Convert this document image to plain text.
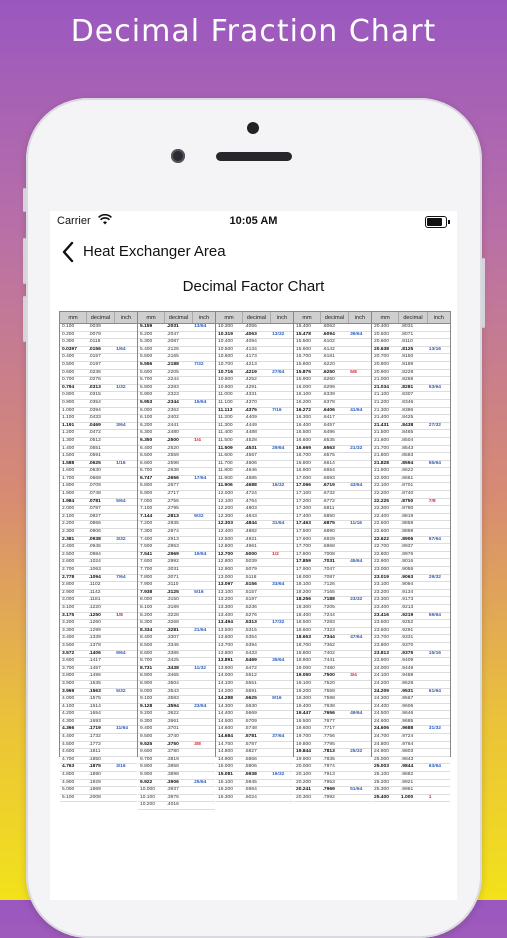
Decimal Fraction Chart
Carrier	10:05 AM
Heat Exchanger Area
Decimal Factor Chart
mm	decimal	inch
0.100	.0039
0.200	.0079
0.300	.0118
0.0397	.0156	1/64
0.400	.0157
0.500	.0197
0.600	.0236
0.700	.0276
0.794	.0313	1/32
0.800	.0315
0.900	.0354
1.000	.0394
1.100	.0433
1.191	.0469	3/64
1.200	.0472
1.300	.0512
1.400	.0551
1.500	.0591
1.588	.0625	1/16
1.600	.0630
1.700	.0669
1.800	.0709
1.900	.0748
1.984	.0781	5/64
2.000	.0787
2.100	.0827
2.200	.0866
2.300	.0906
2.381	.0938	3/32
2.400	.0945
2.500	.0984
2.600	.1024
2.700	.1063
2.778	.1094	7/64
2.800	.1102
2.900	.1142
3.000	.1181
3.100	.1220
3.175	.1250	1/8
3.200	.1260
3.300	.1299
3.400	.1339
3.500	.1378
3.572	.1406	9/64
3.600	.1417
3.700	.1457
3.800	.1496
3.900	.1535
3.969	.1563	5/32
4.000	.1575
4.100	.1614
4.200	.1654
4.300	.1693
4.366	.1719	11/64
4.400	.1732
4.500	.1772
4.600	.1811
4.700	.1850
4.763	.1875	3/16
4.800	.1890
4.900	.1929
5.000	.1969
5.100	.2008
mm	decimal	inch
5.159	.2031	13/64
5.200	.2047
5.300	.2087
5.400	.2126
5.500	.2165
5.556	.2188	7/32
5.600	.2205
5.700	.2244
5.800	.2283
5.900	.2323
5.953	.2344	15/64
6.000	.2362
6.100	.2402
6.200	.2441
6.300	.2480
6.350	.2500	1/4
6.400	.2520
6.500	.2559
6.600	.2598
6.700	.2638
6.747	.2656	17/64
6.800	.2677
6.900	.2717
7.000	.2756
7.100	.2795
7.144	.2813	9/32
7.200	.2835
7.300	.2874
7.400	.2913
7.500	.2953
7.541	.2969	19/64
7.600	.2992
7.700	.3031
7.800	.3071
7.900	.3110
7.938	.3125	5/16
8.000	.3150
8.100	.3189
8.200	.3228
8.300	.3268
8.334	.3281	21/64
8.400	.3307
8.500	.3346
8.600	.3386
8.700	.3425
8.731	.3438	11/32
8.800	.3465
8.900	.3504
9.000	.3543
9.100	.3583
9.128	.3594	23/64
9.200	.3622
9.300	.3661
9.400	.3701
9.500	.3740
9.525	.3750	3/8
9.600	.3780
9.700	.3819
9.800	.3858
9.900	.3898
9.922	.3906	25/64
10.000	.3937
10.100	.3976
10.200	.4016
mm	decimal	inch
10.300	.4055
10.319	.4063	13/32
10.400	.4094
10.500	.4134
10.600	.4173
10.700	.4213
10.716	.4219	27/64
10.800	.4252
10.900	.4291
11.000	.4331
11.100	.4370
11.113	.4375	7/16
11.200	.4409
11.300	.4449
11.400	.4488
11.500	.4528
11.509	.4531	29/64
11.600	.4567
11.700	.4606
11.800	.4646
11.900	.4685
11.906	.4688	15/32
12.000	.4724
12.100	.4764
12.200	.4803
12.300	.4843
12.303	.4844	31/64
12.400	.4882
12.500	.4921
12.600	.4961
12.700	.5000	1/2
12.800	.5039
12.900	.5079
13.000	.5118
13.097	.5156	33/64
13.100	.5157
13.200	.5197
13.300	.5236
13.400	.5276
13.494	.5313	17/32
13.500	.5315
13.600	.5354
13.700	.5394
13.800	.5433
13.891	.5469	35/64
13.900	.5472
14.000	.5512
14.100	.5551
14.200	.5591
14.288	.5625	9/16
14.300	.5630
14.400	.5669
14.500	.5709
14.600	.5748
14.684	.5781	37/64
14.700	.5787
14.800	.5827
14.900	.5866
15.000	.5906
15.081	.5938	19/32
15.100	.5945
15.200	.5984
15.300	.6024
mm	decimal	inch
15.400	.6063
15.478	.6094	39/64
15.500	.6102
15.600	.6142
15.700	.6181
15.800	.6220
15.875	.6250	5/8
15.900	.6260
16.000	.6299
16.100	.6339
16.200	.6378
16.272	.6406	41/64
16.300	.6417
16.400	.6457
16.500	.6496
16.600	.6535
16.669	.6563	21/32
16.700	.6575
16.800	.6614
16.900	.6654
17.000	.6693
17.066	.6719	43/64
17.100	.6732
17.200	.6772
17.300	.6811
17.400	.6850
17.463	.6875	11/16
17.500	.6890
17.600	.6929
17.700	.6968
17.800	.7008
17.859	.7031	45/64
17.900	.7047
18.000	.7087
18.100	.7126
18.200	.7165
18.256	.7188	23/32
18.300	.7205
18.400	.7244
18.500	.7283
18.600	.7323
18.653	.7344	47/64
18.700	.7362
18.800	.7402
18.900	.7441
19.000	.7480
19.050	.7500	3/4
19.100	.7520
19.200	.7559
19.300	.7598
19.400	.7638
19.447	.7656	49/64
19.500	.7677
19.600	.7717
19.700	.7756
19.800	.7795
19.844	.7813	25/32
19.900	.7835
20.000	.7874
20.100	.7913
20.200	.7953
20.241	.7969	51/64
20.300	.7992
mm	decimal	inch
20.400	.8031
20.500	.8071
20.600	.8110
20.638	.8125	13/16
20.700	.8150
20.800	.8189
20.900	.8228
21.000	.8268
21.034	.8281	53/64
21.100	.8307
21.200	.8346
21.300	.8386
21.400	.8425
21.431	.8438	27/32
21.500	.8465
21.600	.8504
21.700	.8543
21.800	.8583
21.828	.8594	55/64
21.900	.8622
22.000	.8661
22.100	.8701
22.200	.8740
22.225	.8750	7/8
22.300	.8780
22.400	.8819
22.500	.8858
22.600	.8898
22.622	.8906	57/64
22.700	.8937
22.800	.8976
22.900	.9016
23.000	.9055
23.019	.9063	29/32
23.100	.9094
23.200	.9134
23.300	.9173
23.400	.9213
23.416	.9219	59/64
23.500	.9252
23.600	.9291
23.700	.9331
23.800	.9370
23.813	.9375	15/16
23.900	.9409
24.000	.9449
24.100	.9488
24.200	.9528
24.209	.9531	61/64
24.300	.9567
24.400	.9606
24.500	.9646
24.600	.9685
24.606	.9688	31/32
24.700	.9724
24.800	.9764
24.900	.9803
25.000	.9843
25.003	.9844	63/64
25.100	.9882
25.200	.9921
25.300	.9961
25.400	1.000	1
